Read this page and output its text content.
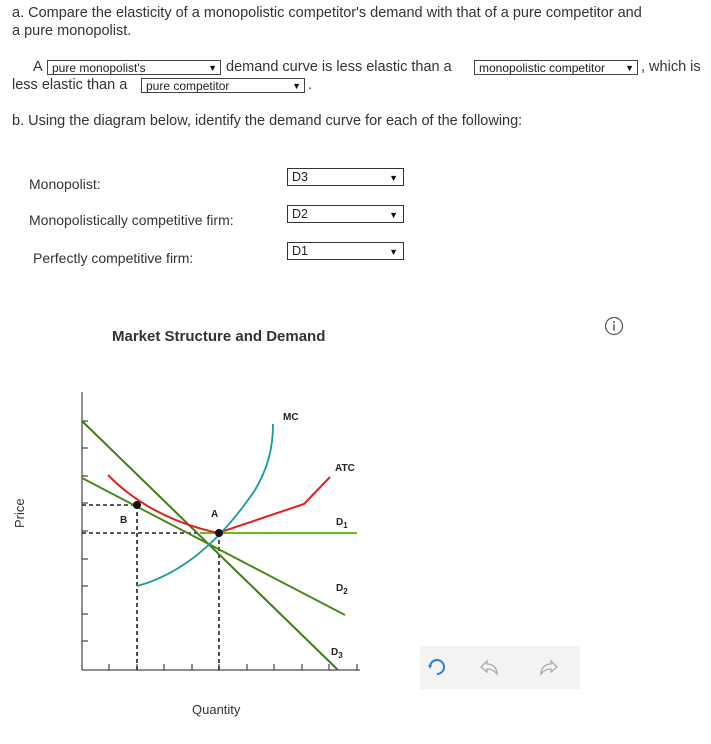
a. Compare the elasticity of a monopolistic competitor's demand with that of a pure competitor and
a pure monopolist.
A pure monopolist's	▼ demand curve is less elastic than a	monopolistic competitor ▼ , which is
less elastic than a	pure competitor	▼ .
b. Using the diagram below, identify the demand curve for each of the following:
Monopolist:	D3	▼
Monopolistically competitive firm:	D2	▼
Perfectly competitive firm:	D1	▼
Market Structure and Demand
Price
MC
ATC
A
B	$D_1$
$D_2$
$D_3$
Quantity
